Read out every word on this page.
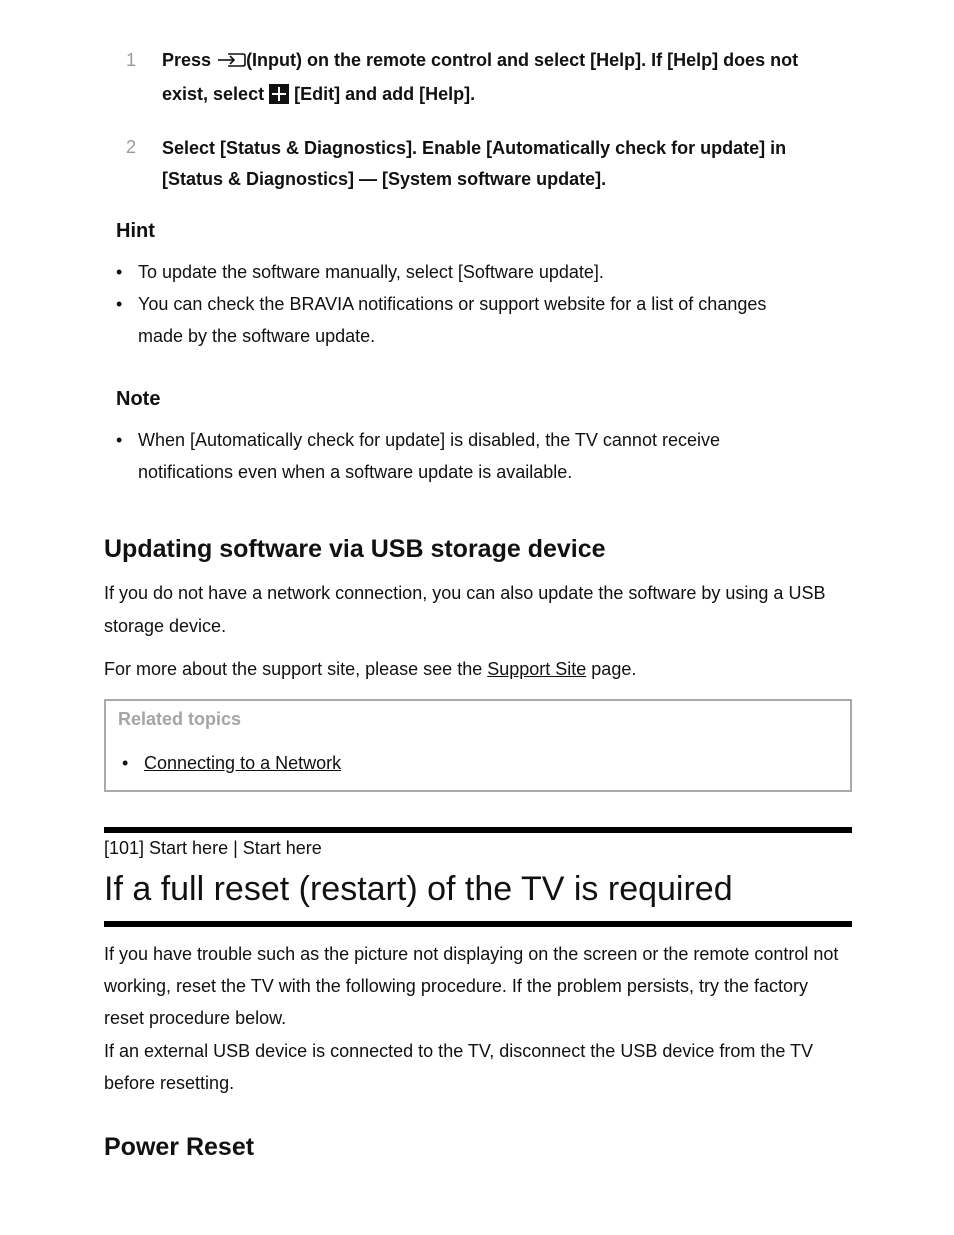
1 Press (Input) on the remote control and select [Help]. If [Help] does not exist, select [Edit] and add [Help].
2 Select [Status & Diagnostics]. Enable [Automatically check for update] in [Status & Diagnostics] — [System software update].
Hint
• To update the software manually, select [Software update].
• You can check the BRAVIA notifications or support website for a list of changes made by the software update.
Note
• When [Automatically check for update] is disabled, the TV cannot receive notifications even when a software update is available.
Updating software via USB storage device
If you do not have a network connection, you can also update the software by using a USB storage device.
For more about the support site, please see the Support Site page.
Related topics
• Connecting to a Network
[101] Start here | Start here
If a full reset (restart) of the TV is required
If you have trouble such as the picture not displaying on the screen or the remote control not working, reset the TV with the following procedure. If the problem persists, try the factory reset procedure below.
If an external USB device is connected to the TV, disconnect the USB device from the TV before resetting.
Power Reset
